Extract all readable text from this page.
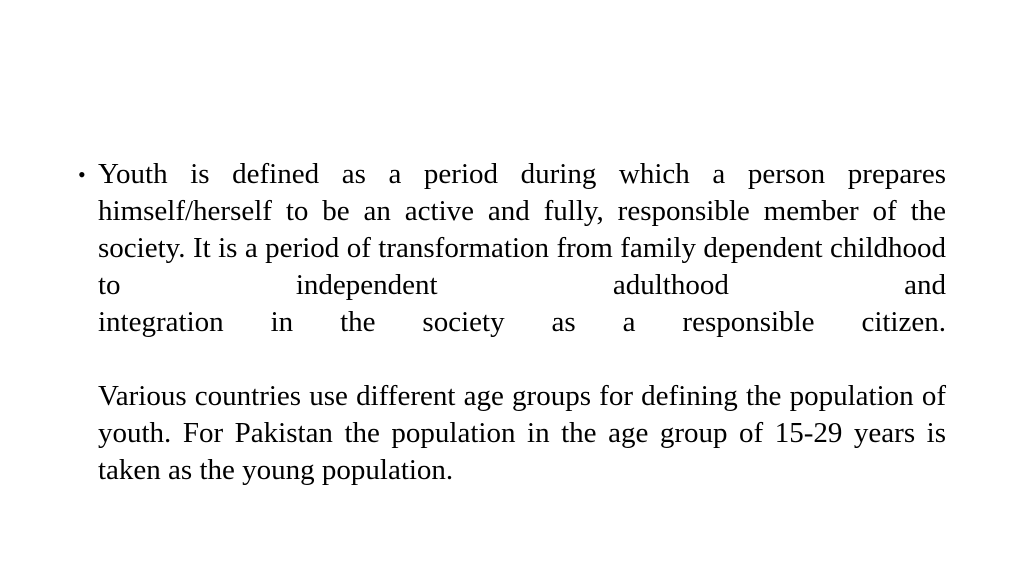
• Youth is defined as a period during which a person prepares himself/herself to be an active and fully, responsible member of the society. It is a period of transformation from family dependent childhood to independent adulthood and

integration in the society as a responsible citizen.

Various countries use different age groups for defining the population of youth. For Pakistan the population in the age group of 15-29 years is taken as the young population.
